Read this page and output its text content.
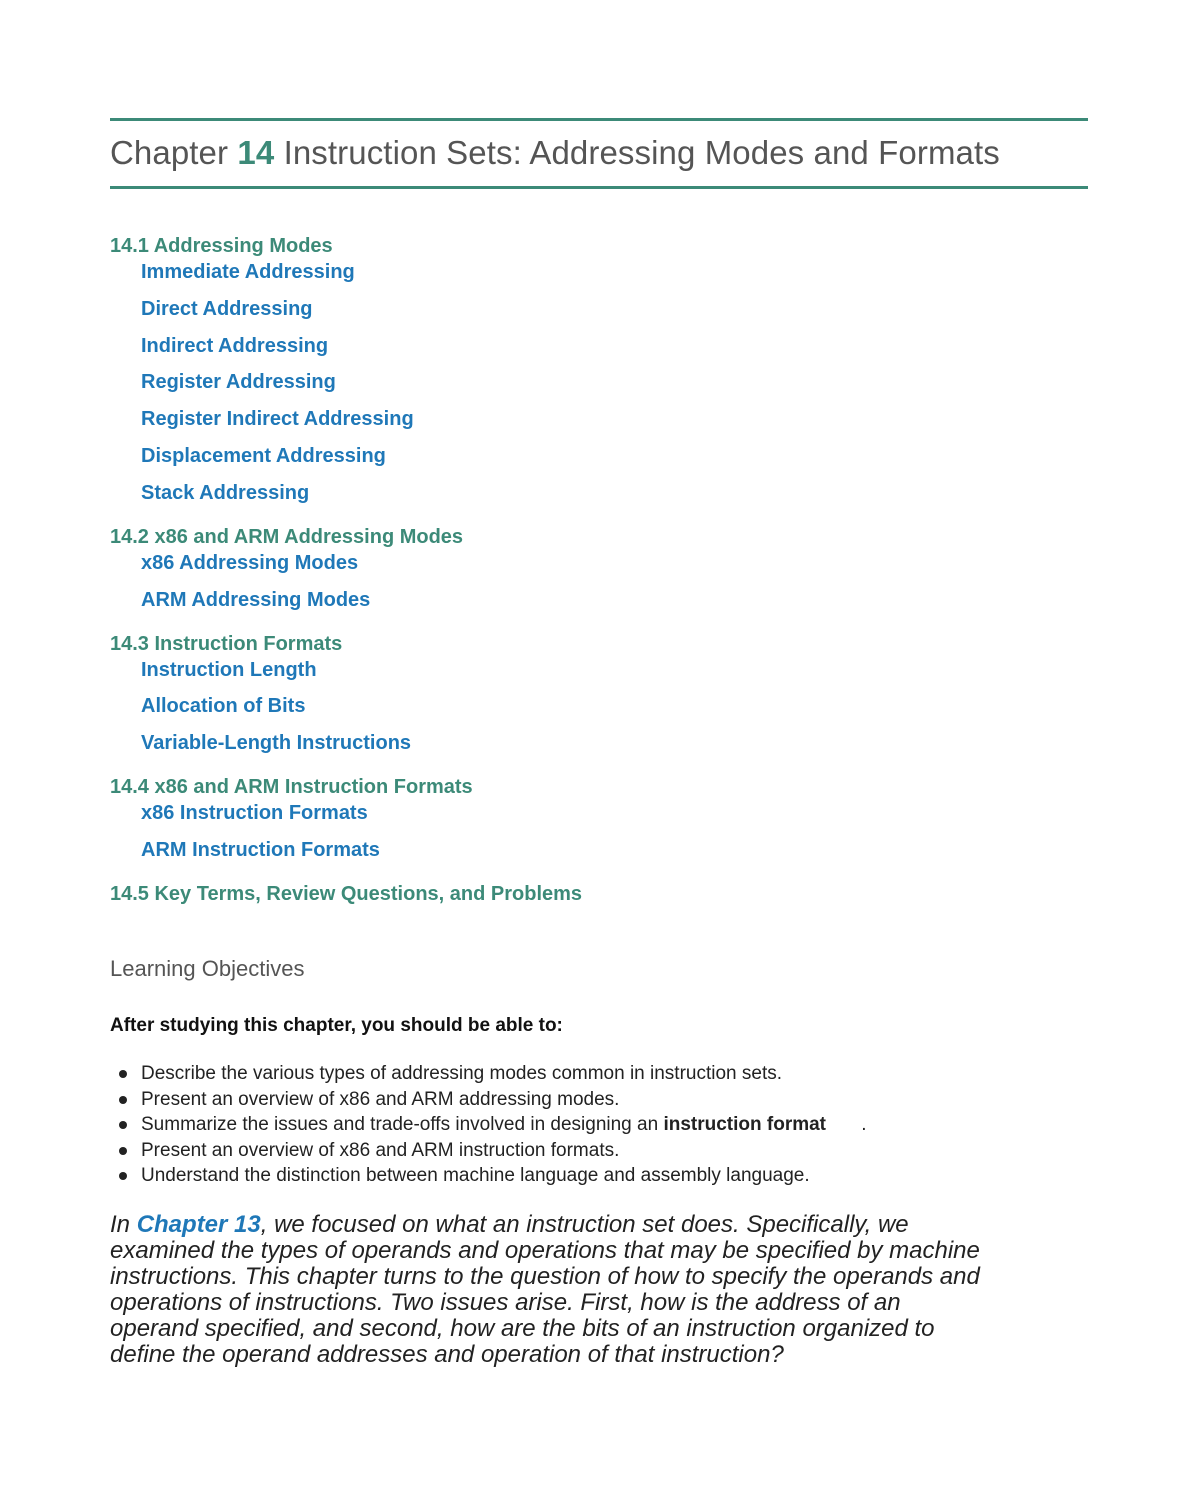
Chapter 14 Instruction Sets: Addressing Modes and Formats
14.1 Addressing Modes
Immediate Addressing
Direct Addressing
Indirect Addressing
Register Addressing
Register Indirect Addressing
Displacement Addressing
Stack Addressing
14.2 x86 and ARM Addressing Modes
x86 Addressing Modes
ARM Addressing Modes
14.3 Instruction Formats
Instruction Length
Allocation of Bits
Variable-Length Instructions
14.4 x86 and ARM Instruction Formats
x86 Instruction Formats
ARM Instruction Formats
14.5 Key Terms, Review Questions, and Problems
Learning Objectives
After studying this chapter, you should be able to:
Describe the various types of addressing modes common in instruction sets.
Present an overview of x86 and ARM addressing modes.
Summarize the issues and trade-offs involved in designing an instruction format .
Present an overview of x86 and ARM instruction formats.
Understand the distinction between machine language and assembly language.
In Chapter 13, we focused on what an instruction set does. Specifically, we
examined the types of operands and operations that may be specified by machine
instructions. This chapter turns to the question of how to specify the operands and
operations of instructions. Two issues arise. First, how is the address of an
operand specified, and second, how are the bits of an instruction organized to
define the operand addresses and operation of that instruction?
